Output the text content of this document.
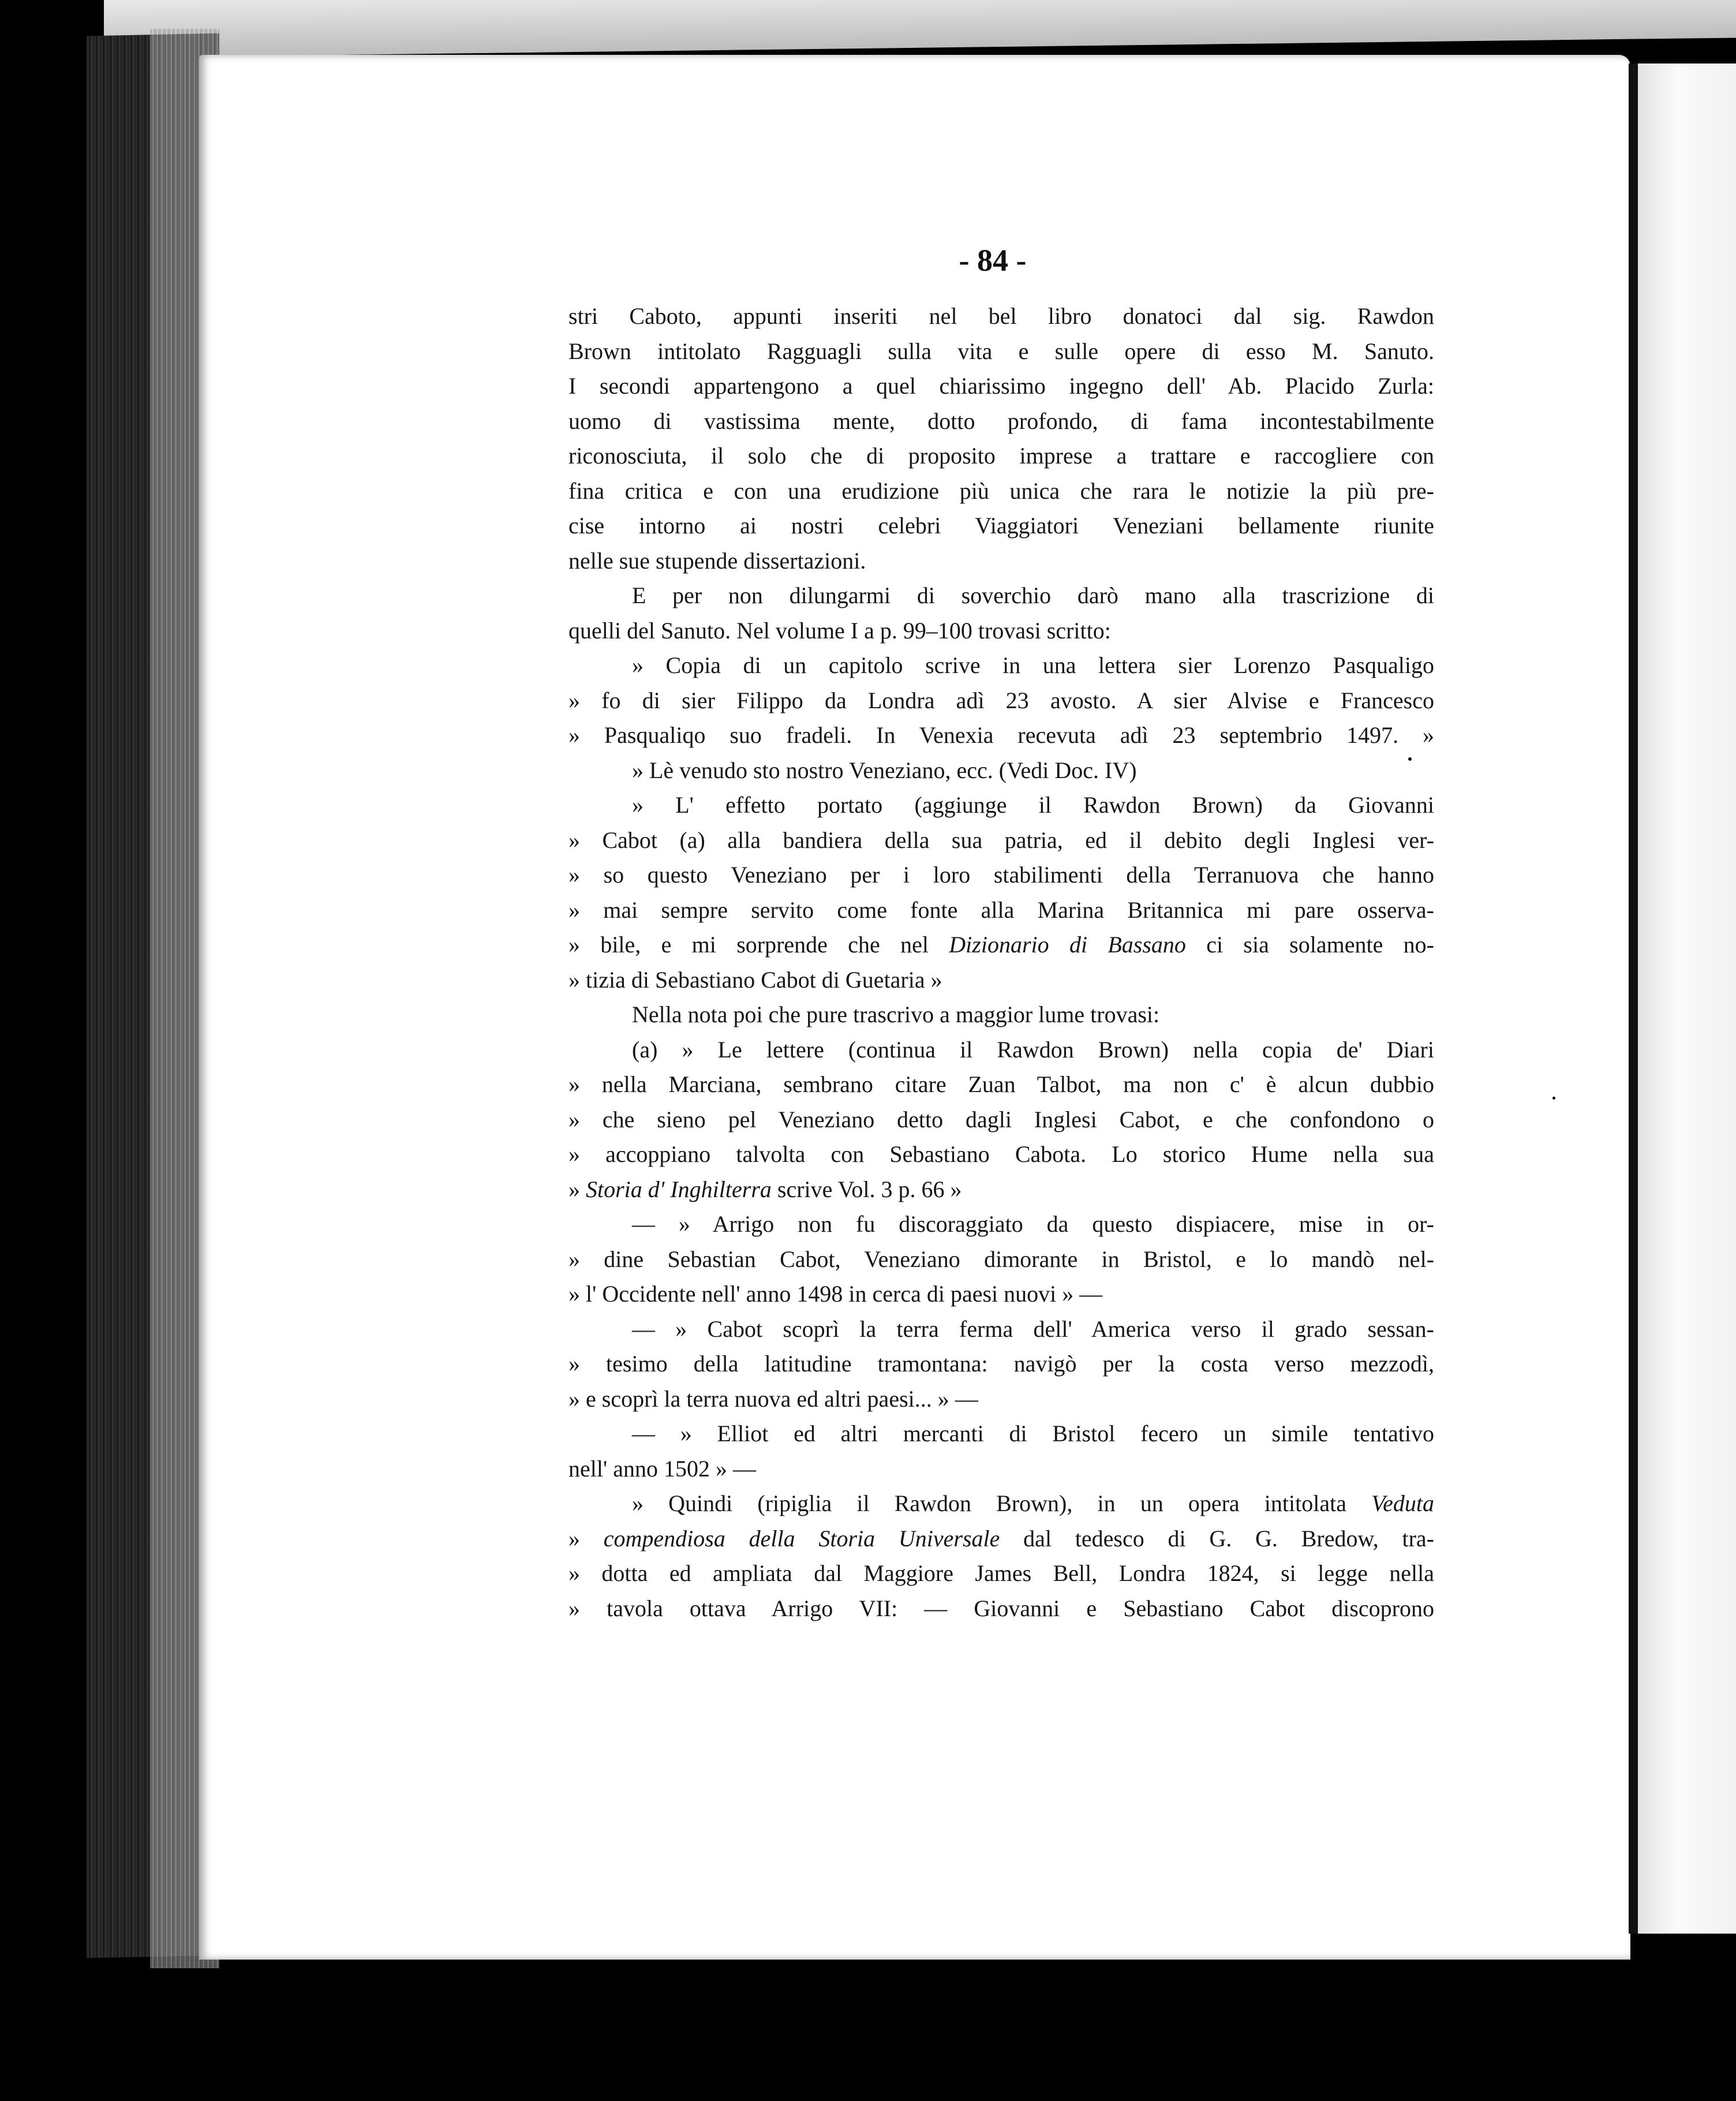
- 84 -
stri Caboto, appunti inseriti nel bel libro donatoci dal sig. Rawdon
Brown intitolato Ragguagli sulla vita e sulle opere di esso M. Sanuto.
I secondi appartengono a quel chiarissimo ingegno dell' Ab. Placido Zurla:
uomo di vastissima mente, dotto profondo, di fama incontestabilmente
riconosciuta, il solo che di proposito imprese a trattare e raccogliere con
fina critica e con una erudizione più unica che rara le notizie la più pre-
cise intorno ai nostri celebri Viaggiatori Veneziani bellamente riunite
nelle sue stupende dissertazioni.
E per non dilungarmi di soverchio darò mano alla trascrizione di
quelli del Sanuto. Nel volume I a p. 99–100 trovasi scritto:
» Copia di un capitolo scrive in una lettera sier Lorenzo Pasqualigo
» fo di sier Filippo da Londra adì 23 avosto. A sier Alvise e Francesco
» Pasqualiqo suo fradeli. In Venexia recevuta adì 23 septembrio 1497. »
» Lè venudo sto nostro Veneziano, ecc. (Vedi Doc. IV)
» L' effetto portato (aggiunge il Rawdon Brown) da Giovanni
» Cabot (a) alla bandiera della sua patria, ed il debito degli Inglesi ver-
» so questo Veneziano per i loro stabilimenti della Terranuova che hanno
» mai sempre servito come fonte alla Marina Britannica mi pare osserva-
» bile, e mi sorprende che nel Dizionario di Bassano ci sia solamente no-
» tizia di Sebastiano Cabot di Guetaria »
Nella nota poi che pure trascrivo a maggior lume trovasi:
(a) » Le lettere (continua il Rawdon Brown) nella copia de' Diari
» nella Marciana, sembrano citare Zuan Talbot, ma non c' è alcun dubbio
» che sieno pel Veneziano detto dagli Inglesi Cabot, e che confondono o
» accoppiano talvolta con Sebastiano Cabota. Lo storico Hume nella sua
» Storia d' Inghilterra scrive Vol. 3 p. 66 »
— » Arrigo non fu discoraggiato da questo dispiacere, mise in or-
» dine Sebastian Cabot, Veneziano dimorante in Bristol, e lo mandò nel-
» l' Occidente nell' anno 1498 in cerca di paesi nuovi » —
— » Cabot scoprì la terra ferma dell' America verso il grado sessan-
» tesimo della latitudine tramontana: navigò per la costa verso mezzodì,
» e scoprì la terra nuova ed altri paesi... » —
— » Elliot ed altri mercanti di Bristol fecero un simile tentativo
nell' anno 1502 » —
» Quindi (ripiglia il Rawdon Brown), in un opera intitolata Veduta
» compendiosa della Storia Universale dal tedesco di G. G. Bredow, tra-
» dotta ed ampliata dal Maggiore James Bell, Londra 1824, si legge nella
» tavola ottava Arrigo VII: — Giovanni e Sebastiano Cabot discoprono
